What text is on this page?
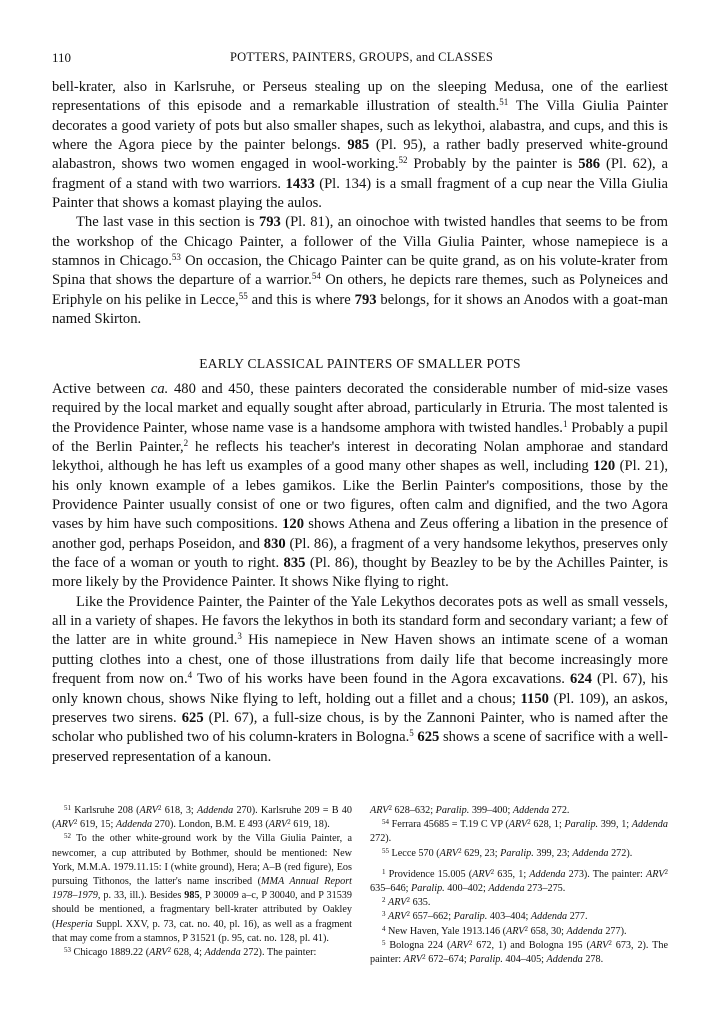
110	POTTERS, PAINTERS, GROUPS, and CLASSES

bell-krater, also in Karlsruhe, or Perseus stealing up on the sleeping Medusa, one of the earliest representations of this episode and a remarkable illustration of stealth.$^{51}$ The Villa Giulia Painter decorates a good variety of pots but also smaller shapes, such as lekythoi, alabastra, and cups, and this is where the Agora piece by the painter belongs. 985 (Pl. 95), a rather badly preserved white-ground alabastron, shows two women engaged in wool-working.$^{52}$ Probably by the painter is 586 (Pl. 62), a fragment of a stand with two warriors. 1433 (Pl. 134) is a small fragment of a cup near the Villa Giulia Painter that shows a komast playing the aulos.

The last vase in this section is 793 (Pl. 81), an oinochoe with twisted handles that seems to be from the workshop of the Chicago Painter, a follower of the Villa Giulia Painter, whose namepiece is a stamnos in Chicago.$^{53}$ On occasion, the Chicago Painter can be quite grand, as on his volute-krater from Spina that shows the departure of a warrior.$^{54}$ On others, he depicts rare themes, such as Polyneices and Eriphyle on his pelike in Lecce,$^{55}$ and this is where 793 belongs, for it shows an Anodos with a goat-man named Skirton.

EARLY CLASSICAL PAINTERS OF SMALLER POTS

Active between ca. 480 and 450, these painters decorated the considerable number of mid-size vases required by the local market and equally sought after abroad, particularly in Etruria. The most talented is the Providence Painter, whose name vase is a handsome amphora with twisted handles.$^1$ Probably a pupil of the Berlin Painter,$^2$ he reflects his teacher's interest in decorating Nolan amphorae and standard lekythoi, although he has left us examples of a good many other shapes as well, including 120 (Pl. 21), his only known example of a lebes gamikos. Like the Berlin Painter's compositions, those by the Providence Painter usually consist of one or two figures, often calm and dignified, and the two Agora vases by him have such compositions. 120 shows Athena and Zeus offering a libation in the presence of another god, perhaps Poseidon, and 830 (Pl. 86), a fragment of a very handsome lekythos, preserves only the face of a woman or youth to right. 835 (Pl. 86), thought by Beazley to be by the Achilles Painter, is more likely by the Providence Painter. It shows Nike flying to right.

Like the Providence Painter, the Painter of the Yale Lekythos decorates pots as well as small vessels, all in a variety of shapes. He favors the lekythos in both its standard form and secondary variant; a few of the latter are in white ground.$^3$ His namepiece in New Haven shows an intimate scene of a woman putting clothes into a chest, one of those illustrations from daily life that become increasingly more frequent from now on.$^4$ Two of his works have been found in the Agora excavations. 624 (Pl. 67), his only known chous, shows Nike flying to left, holding out a fillet and a chous; 1150 (Pl. 109), an askos, preserves two sirens. 625 (Pl. 67), a full-size chous, is by the Zannoni Painter, who is named after the scholar who published two of his column-kraters in Bologna.$^5$ 625 shows a scene of sacrifice with a well-preserved representation of a kanoun.

$^{51}$ Karlsruhe 208 (ARV$^2$ 618, 3; Addenda 270). Karlsruhe 209 = B 40 (ARV$^2$ 619, 15; Addenda 270). London, B.M. E 493 (ARV$^2$ 619, 18).

$^{52}$ To the other white-ground work by the Villa Giulia Painter, a newcomer, a cup attributed by Bothmer, should be mentioned: New York, M.M.A. 1979.11.15: I (white ground), Hera; A–B (red figure), Eos pursuing Tithonos, the latter's name inscribed (MMA Annual Report 1978–1979, p. 33, ill.). Besides 985, P 30009 a–c, P 30040, and P 31539 should be mentioned, a fragmentary bell-krater attributed by Oakley (Hesperia Suppl. XXV, p. 73, cat. no. 40, pl. 16), as well as a fragment that may come from a stamnos, P 31521 (p. 95, cat. no. 128, pl. 41).

$^{53}$ Chicago 1889.22 (ARV$^2$ 628, 4; Addenda 272). The painter:

ARV$^2$ 628–632; Paralip. 399–400; Addenda 272.

$^{54}$ Ferrara 45685 = T.19 C VP (ARV$^2$ 628, 1; Paralip. 399, 1; Addenda 272).

$^{55}$ Lecce 570 (ARV$^2$ 629, 23; Paralip. 399, 23; Addenda 272).

$^1$ Providence 15.005 (ARV$^2$ 635, 1; Addenda 273). The painter: ARV$^2$ 635–646; Paralip. 400–402; Addenda 273–275.

$^2$ ARV$^2$ 635.

$^3$ ARV$^2$ 657–662; Paralip. 403–404; Addenda 277.

$^4$ New Haven, Yale 1913.146 (ARV$^2$ 658, 30; Addenda 277).

$^5$ Bologna 224 (ARV$^2$ 672, 1) and Bologna 195 (ARV$^2$ 673, 2). The painter: ARV$^2$ 672–674; Paralip. 404–405; Addenda 278.
